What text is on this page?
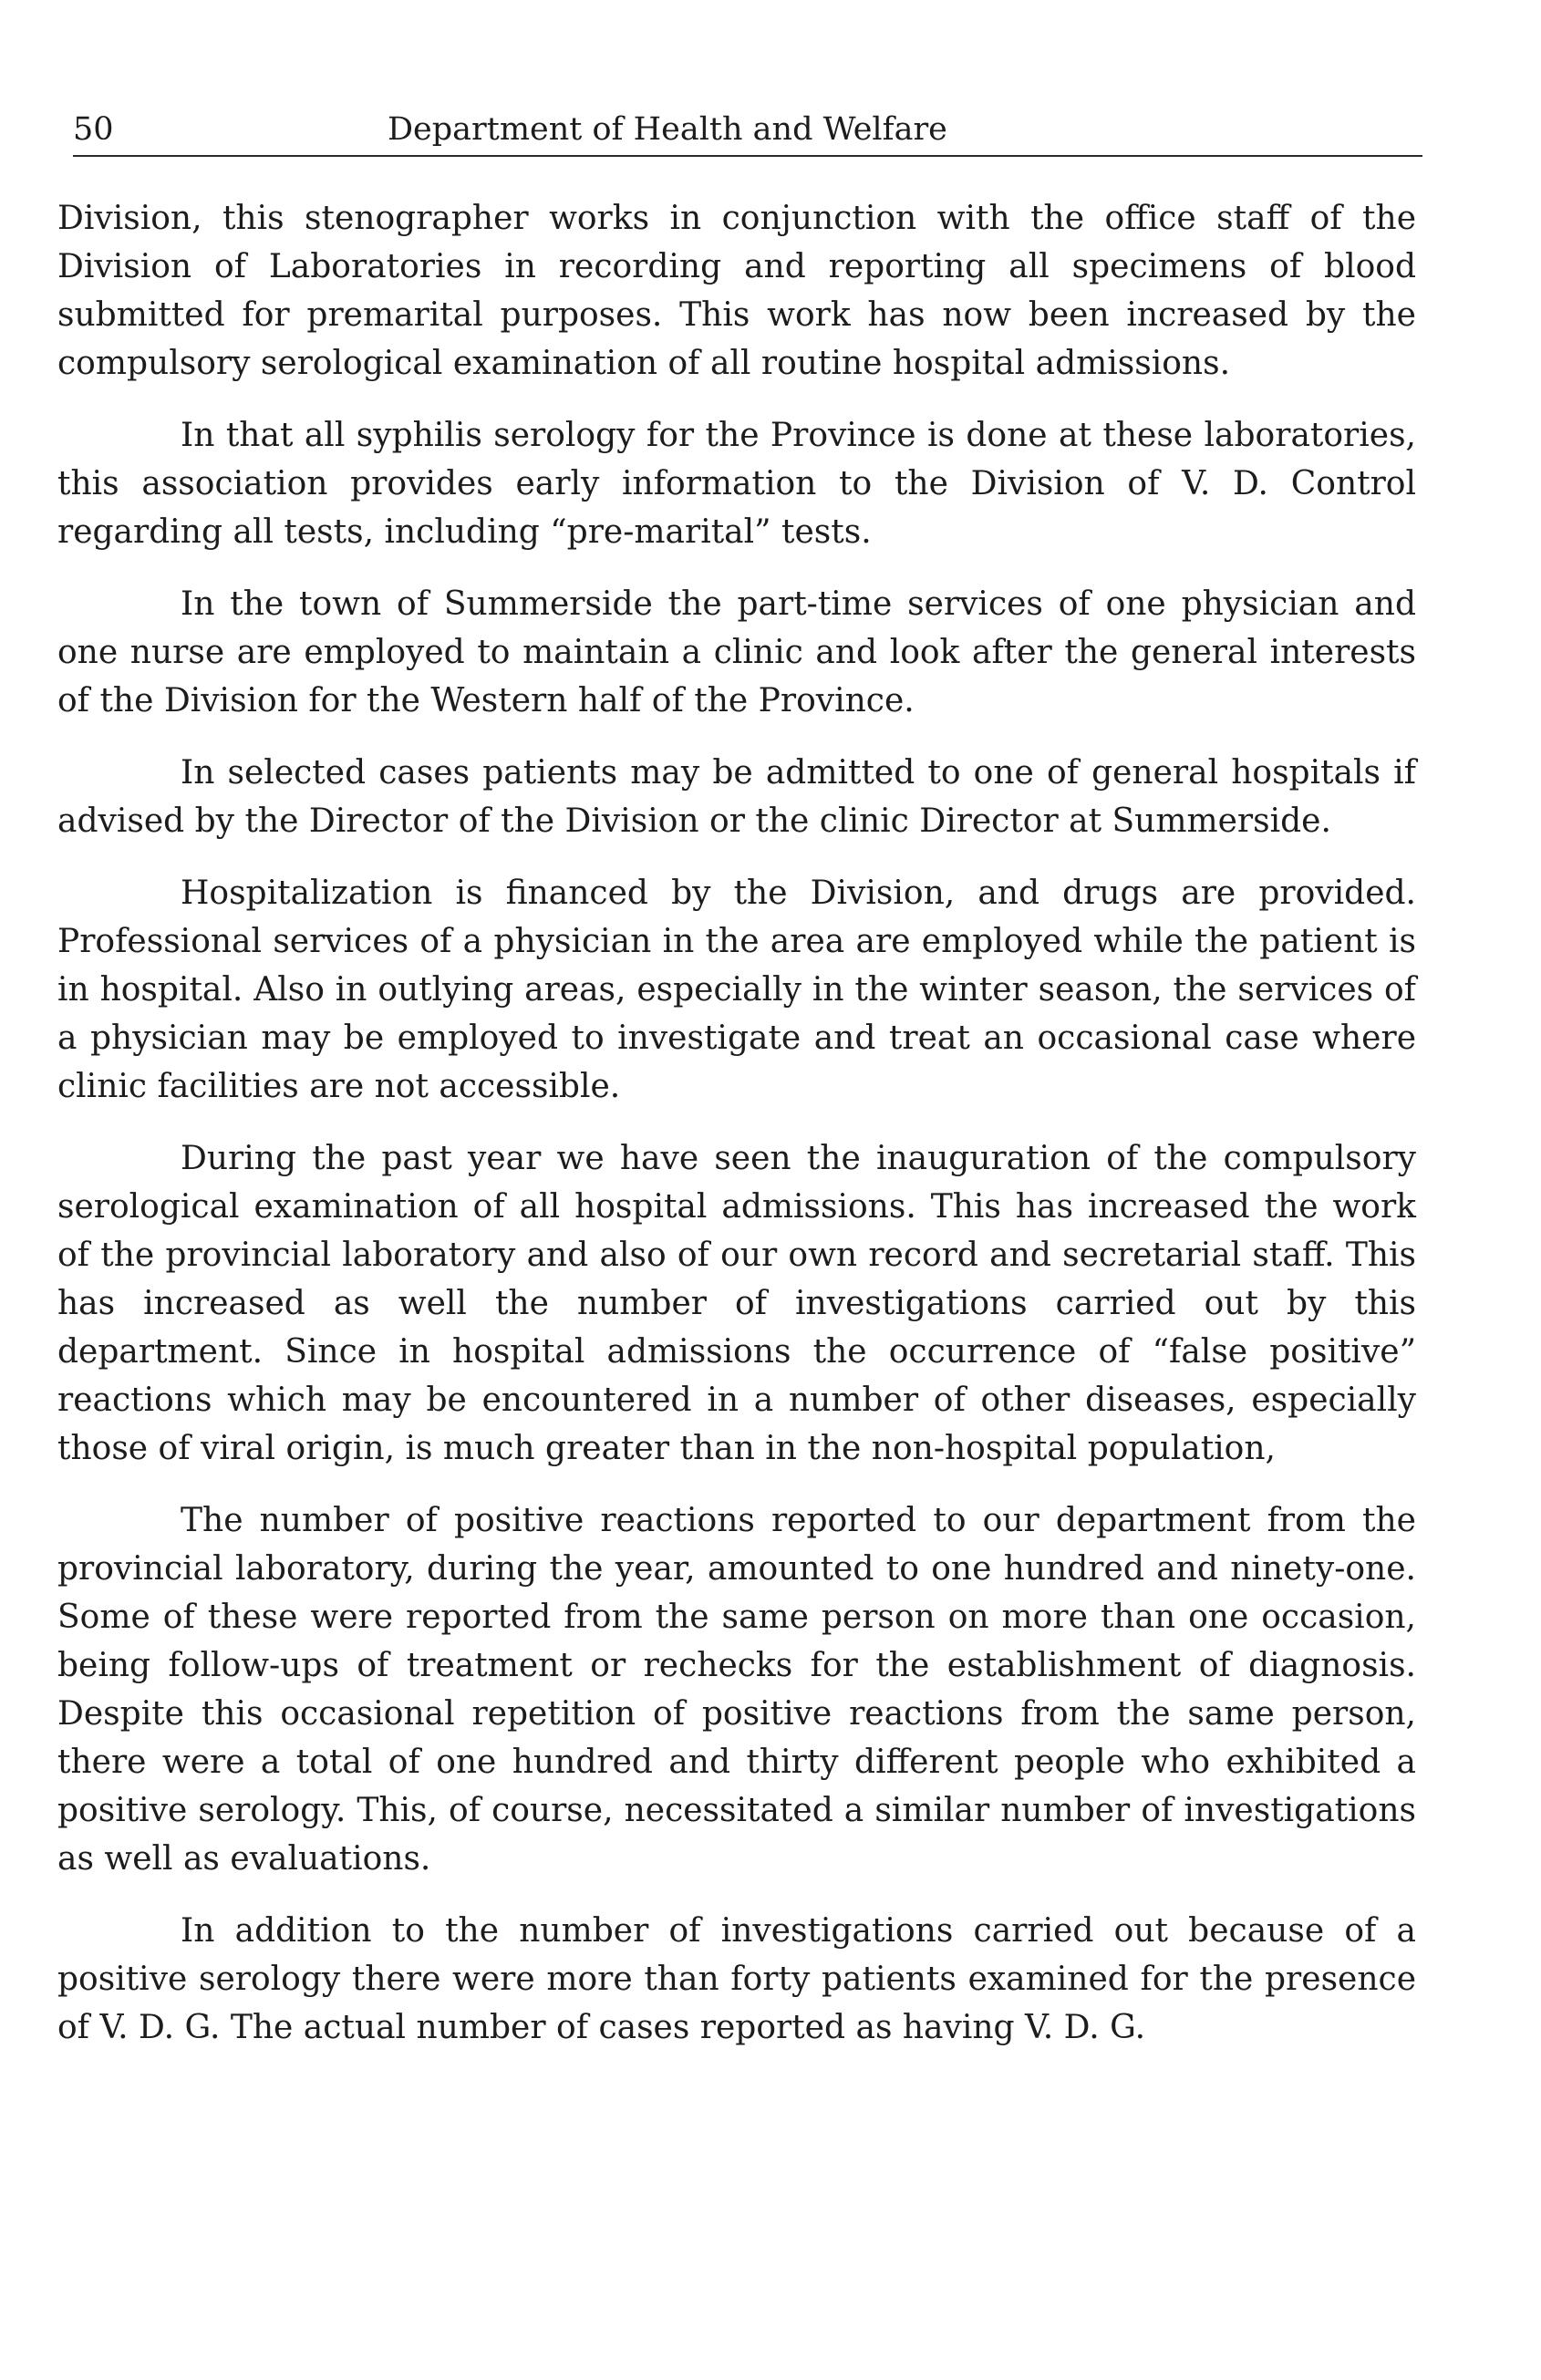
50	Department of Health and Welfare

Division, this stenographer works in conjunction with the office staff of the Division of Laboratories in recording and reporting all specimens of blood submitted for premarital purposes. This work has now been increased by the compulsory serological examination of all routine hospital admissions.

In that all syphilis serology for the Province is done at these laboratories, this association provides early information to the Division of V. D. Control regarding all tests, including “pre-marital” tests.

In the town of Summerside the part-time services of one physician and one nurse are employed to maintain a clinic and look after the general interests of the Division for the Western half of the Province.

In selected cases patients may be admitted to one of general hospitals if advised by the Director of the Division or the clinic Director at Summerside.

Hospitalization is financed by the Division, and drugs are provided. Professional services of a physician in the area are employed while the patient is in hospital. Also in outlying areas, especially in the winter season, the services of a physician may be employed to investigate and treat an occasional case where clinic facilities are not accessible.

During the past year we have seen the inauguration of the compulsory serological examination of all hospital admissions. This has increased the work of the provincial laboratory and also of our own record and secretarial staff. This has increased as well the number of investigations carried out by this department. Since in hospital admissions the occurrence of “false positive” reactions which may be encountered in a number of other diseases, especially those of viral origin, is much greater than in the non-hospital population,

The number of positive reactions reported to our department from the provincial laboratory, during the year, amounted to one hundred and ninety-one. Some of these were reported from the same person on more than one occasion, being follow-ups of treatment or rechecks for the establishment of diagnosis. Despite this occasional repetition of positive reactions from the same person, there were a total of one hundred and thirty different people who exhibited a positive serology. This, of course, necessitated a similar number of investigations as well as evaluations.

In addition to the number of investigations carried out because of a positive serology there were more than forty patients examined for the presence of V. D. G. The actual number of cases reported as having V. D. G.
